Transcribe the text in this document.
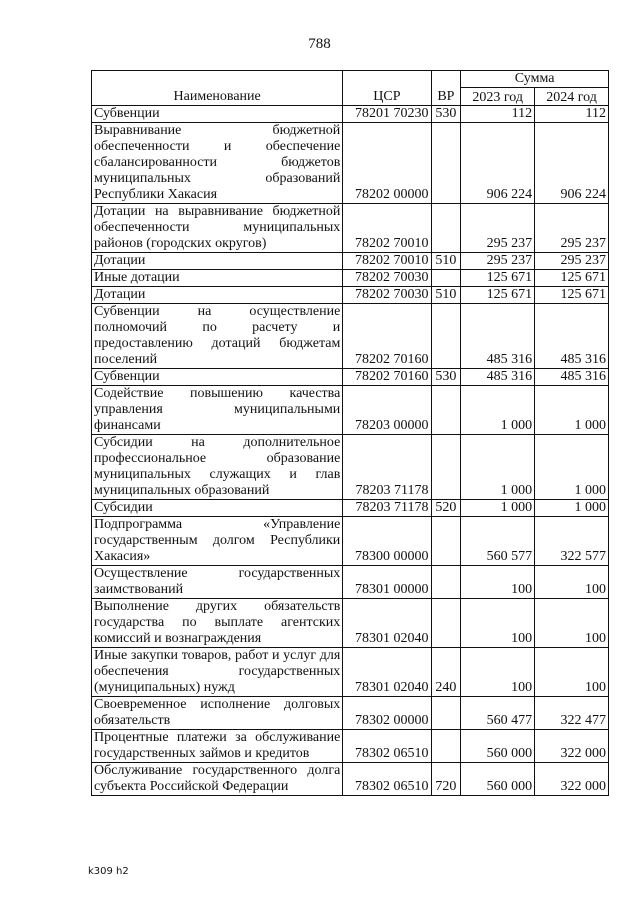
788
Наименование	ЦСР	ВР	Сумма	
			2023 год	2024 год
Субвенции	78201 70230	530	112	112
Выравнивание бюджетной обеспеченности и обеспечение сбалансированности бюджетов муниципальных образований Республики Хакасия	78202 00000		906 224	906 224
Дотации на выравнивание бюджетной обеспеченности муниципальных районов (городских округов)	78202 70010		295 237	295 237
Дотации	78202 70010	510	295 237	295 237
Иные дотации	78202 70030		125 671	125 671
Дотации	78202 70030	510	125 671	125 671
Субвенции на осуществление полномочий по расчету и предоставлению дотаций бюджетам поселений	78202 70160		485 316	485 316
Субвенции	78202 70160	530	485 316	485 316
Содействие повышению качества управления муниципальными финансами	78203 00000		1 000	1 000
Субсидии на дополнительное профессиональное образование муниципальных служащих и глав муниципальных образований	78203 71178		1 000	1 000
Субсидии	78203 71178	520	1 000	1 000
Подпрограмма «Управление государственным долгом Республики Хакасия»	78300 00000		560 577	322 577
Осуществление государственных заимствований	78301 00000		100	100
Выполнение других обязательств государства по выплате агентских комиссий и вознаграждения	78301 02040		100	100
Иные закупки товаров, работ и услуг для обеспечения государственных (муниципальных) нужд	78301 02040	240	100	100
Своевременное исполнение долговых обязательств	78302 00000		560 477	322 477
Процентные платежи за обслуживание государственных займов и кредитов	78302 06510		560 000	322 000
Обслуживание государственного долга субъекта Российской Федерации	78302 06510	720	560 000	322 000
k309 h2
